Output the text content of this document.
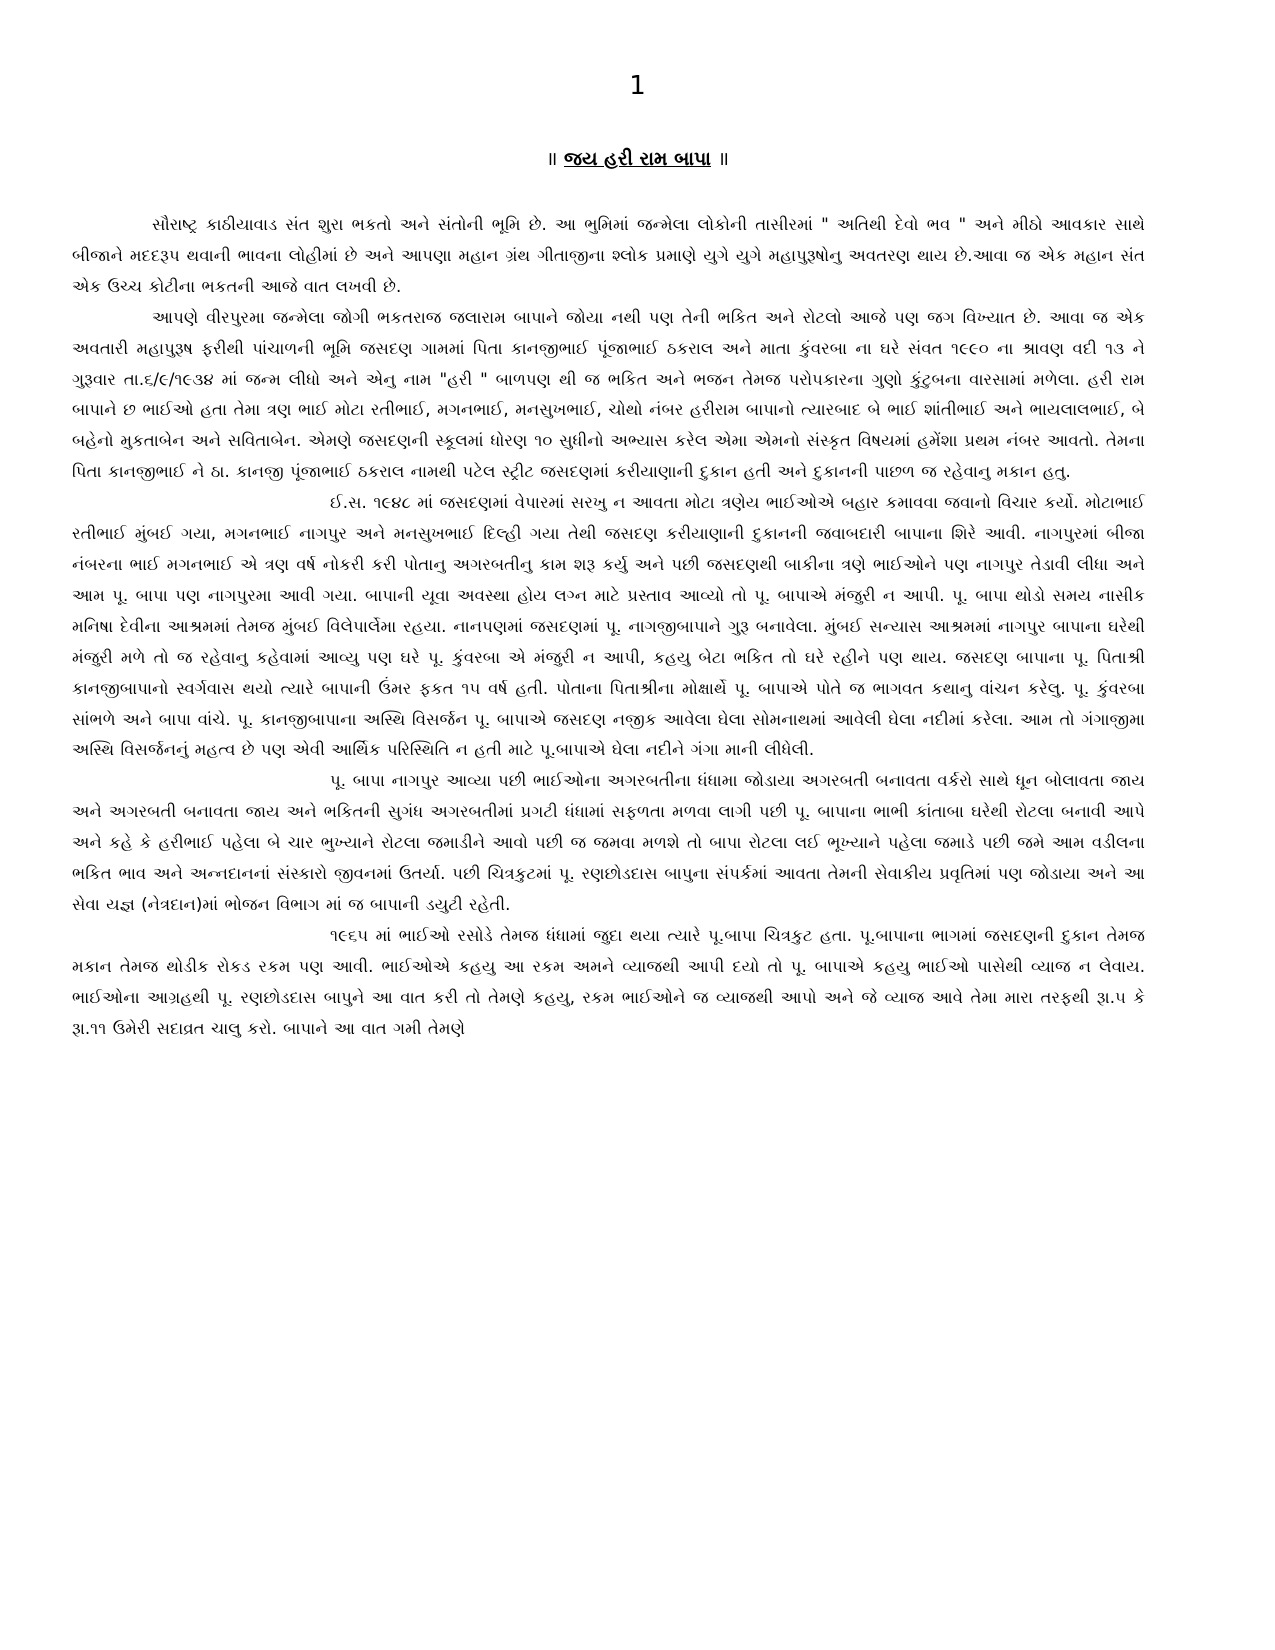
1
॥ જય હરી રામ બાપા ॥

સૌરાષ્ટ્ર કાઠીયાવાડ સંત શુરા ભકતો અને સંતોની ભૂમિ છે. આ ભુમિમાં જન્મેલા લોકોની તાસીરમાં " અતિથી દેવો ભવ " અને મીઠો આવકાર સાથે બીજાને મદદરૂપ થવાની ભાવના લોહીમાં છે અને આપણા મહાન ગ્રંથ ગીતાજીના શ્લોક પ્રમાણે યુગે યુગે મહાપુરૂષોનુ અવતરણ થાય છે.આવા જ એક મહાન સંત એક ઉચ્ચ કોટીના ભકતની આજે વાત લખવી છે.

આપણે વીરપુરમા જન્મેલા જોગી ભકતરાજ જલારામ બાપાને જોયા નથી પણ તેની ભકિત અને રોટલો આજે પણ જગ વિખ્યાત છે. આવા જ એક અવતારી મહાપુરૂષ ફરીથી પાંચાળની ભૂમિ જસદણ ગામમાં પિતા કાનજીભાઈ પૂંજાભાઈ ઠકરાલ અને માતા કુંવરબા ના ઘરે સંવત ૧૯૯૦ ના શ્રાવણ વદી ૧૩ ને ગુરૂવાર તા.૬/૯/૧૯૩૪ માં જન્મ લીધો અને એનુ નામ "હરી " બાળપણ થી જ ભકિત અને ભજન તેમજ પરોપકારના ગુણો કુંટુબના વારસામાં મળેલા. હરી રામ બાપાને છ ભાઈઓ હતા તેમા ત્રણ ભાઈ મોટા રતીભાઈ, મગનભાઈ, મનસુખભાઈ, ચોથો નંબર હરીરામ બાપાનો ત્યારબાદ બે ભાઈ શાંતીભાઈ અને ભાયલાલભાઈ, બે બહેનો મુકતાબેન અને સવિતાબેન. એમણે જસદણની સ્કૂલમાં ધોરણ ૧૦ સુધીનો અભ્યાસ કરેલ એમા એમનો સંસ્કૃત વિષયમાં હમેંશા પ્રથમ નંબર આવતો. તેમના પિતા કાનજીભાઈ ને ઠા. કાનજી પૂંજાભાઈ ઠકરાલ નામથી પટેલ સ્ટ્રીટ જસદણમાં કરીયાણાની દુકાન હતી અને દુકાનની પાછળ જ રહેવાનુ મકાન હતુ.

ઈ.સ. ૧૯૪૮ માં જસદણમાં વેપારમાં સરખુ ન આવતા મોટા ત્રણેય ભાઈઓએ બહાર કમાવવા જવાનો વિચાર કર્યો. મોટાભાઈ રતીભાઈ મુંબઈ ગયા, મગનભાઈ નાગપુર અને મનસુખભાઈ દિલ્હી ગયા તેથી જસદણ કરીયાણાની દુકાનની જવાબદારી બાપાના શિરે આવી. નાગપુરમાં બીજા નંબરના ભાઈ મગનભાઈ એ ત્રણ વર્ષ નોકરી કરી પોતાનુ અગરબતીનુ કામ શરૂ કર્યુ અને પછી જસદણથી બાકીના ત્રણે ભાઈઓને પણ નાગપુર તેડાવી લીધા અને આમ પૂ. બાપા પણ નાગપુરમા આવી ગયા. બાપાની યૂવા અવસ્થા હોય લગ્ન માટે પ્રસ્તાવ આવ્યો તો પૂ. બાપાએ મંજુરી ન આપી. પૂ. બાપા થોડો સમય નાસીક મનિષા દેવીના આશ્રમમાં તેમજ મુંબઈ વિલેપાર્લેમા રહયા. નાનપણમાં જસદણમાં પૂ. નાગજીબાપાને ગુરૂ બનાવેલા. મુંબઈ સન્યાસ આશ્રમમાં નાગપુર બાપાના ઘરેથી મંજુરી મળે તો જ રહેવાનુ કહેવામાં આવ્યુ પણ ઘરે પૂ. કુંવરબા એ મંજુરી ન આપી, કહયુ બેટા ભકિત તો ઘરે રહીને પણ થાય. જસદણ બાપાના પૂ. પિતાશ્રી કાનજીબાપાનો સ્વર્ગવાસ થયો ત્યારે બાપાની ઉંમર ફકત ૧૫ વર્ષ હતી. પોતાના પિતાશ્રીના મોક્ષાર્થે પૂ. બાપાએ પોતે જ ભાગવત કથાનુ વાંચન કરેલુ. પૂ. કુંવરબા સાંભળે અને બાપા વાંચે. પૂ. કાનજીબાપાના અસ્થિ વિસર્જન પૂ. બાપાએ જસદણ નજીક આવેલા ઘેલા સોમનાથમાં આવેલી ઘેલા નદીમાં કરેલા. આમ તો ગંગાજીમા અસ્થિ વિસર્જનનું મહત્વ છે પણ એવી આર્થિક પરિસ્થિતિ ન હતી માટે પૂ.બાપાએ ઘેલા નદીને ગંગા માની લીધેલી.

પૂ. બાપા નાગપુર આવ્યા પછી ભાઈઓના અગરબતીના ધંધામા જોડાયા અગરબતી બનાવતા વર્કરો સાથે ધૂન બોલાવતા જાય અને અગરબતી બનાવતા જાય અને ભકિતની સુગંધ અગરબતીમાં પ્રગટી ધંધામાં સફળતા મળવા લાગી પછી પૂ. બાપાના ભાભી કાંતાબા ઘરેથી રોટલા બનાવી આપે અને કહે કે હરીભાઈ પહેલા બે ચાર ભુખ્યાને રોટલા જમાડીને આવો પછી જ જમવા મળશે તો બાપા રોટલા લઈ ભૂખ્યાને પહેલા જમાડે પછી જમે આમ વડીલના ભકિત ભાવ અને અન્નદાનનાં સંસ્કારો જીવનમાં ઉતર્યા. પછી ચિત્રકુટમાં પૂ. રણછોડદાસ બાપુના સંપર્કમાં આવતા તેમની સેવાકીય પ્રવૃતિમાં પણ જોડાયા અને આ સેવા યજ્ઞ (નેત્રદાન)માં ભોજન વિભાગ માં જ બાપાની ડયુટી રહેતી.

૧૯૬૫ માં ભાઈઓ રસોડે તેમજ ધંધામાં જુદા થયા ત્યારે પૂ.બાપા ચિત્રકુટ હતા. પૂ.બાપાના ભાગમાં જસદણની દુકાન તેમજ મકાન તેમજ થોડીક રોકડ રકમ પણ આવી. ભાઈઓએ કહયુ આ રકમ અમને વ્યાજથી આપી દયો તો પૂ. બાપાએ કહયુ ભાઈઓ પાસેથી વ્યાજ ન લેવાય. ભાઈઓના આગ્રહથી પૂ. રણછોડદાસ બાપુને આ વાત કરી તો તેમણે કહયુ, રકમ ભાઈઓને જ વ્યાજથી આપો અને જે વ્યાજ આવે તેમા મારા તરફથી રૂા.૫ કે રૂા.૧૧ ઉમેરી સદાવ્રત ચાલુ કરો. બાપાને આ વાત ગમી તેમણે
